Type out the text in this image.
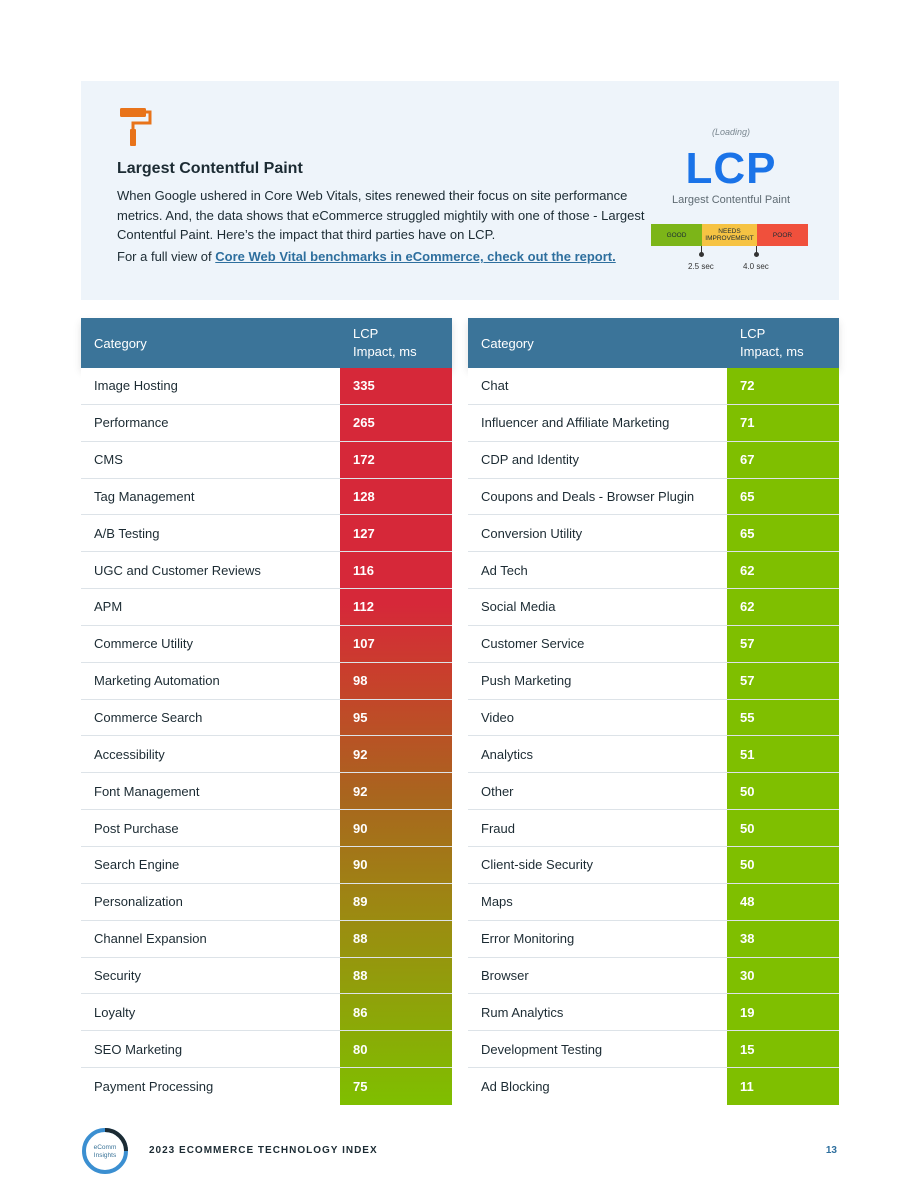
Largest Contentful Paint
When Google ushered in Core Web Vitals, sites renewed their focus on site performance metrics. And, the data shows that eCommerce struggled mightily with one of those - Largest Contentful Paint. Here’s the impact that third parties have on LCP.
For a full view of Core Web Vital benchmarks in eCommerce, check out the report.
(Loading)
LCP
Largest Contentful Paint
GOOD	NEEDS IMPROVEMENT	POOR
2.5 sec	4.0 sec
Category
LCP
Impact, ms
Image Hosting	335
Performance	265
CMS	172
Tag Management	128
A/B Testing	127
UGC and Customer Reviews	116
APM	112
Commerce Utility	107
Marketing Automation	98
Commerce Search	95
Accessibility	92
Font Management	92
Post Purchase	90
Search Engine	90
Personalization	89
Channel Expansion	88
Security	88
Loyalty	86
SEO Marketing	80
Payment Processing	75
Category
LCP
Impact, ms
Chat	72
Influencer and Affiliate Marketing	71
CDP and Identity	67
Coupons and Deals - Browser Plugin	65
Conversion Utility	65
Ad Tech	62
Social Media	62
Customer Service	57
Push Marketing	57
Video	55
Analytics	51
Other	50
Fraud	50
Client-side Security	50
Maps	48
Error Monitoring	38
Browser	30
Rum Analytics	19
Development Testing	15
Ad Blocking	11
eComm
Insights	2023 ECOMMERCE TECHNOLOGY INDEX	13
